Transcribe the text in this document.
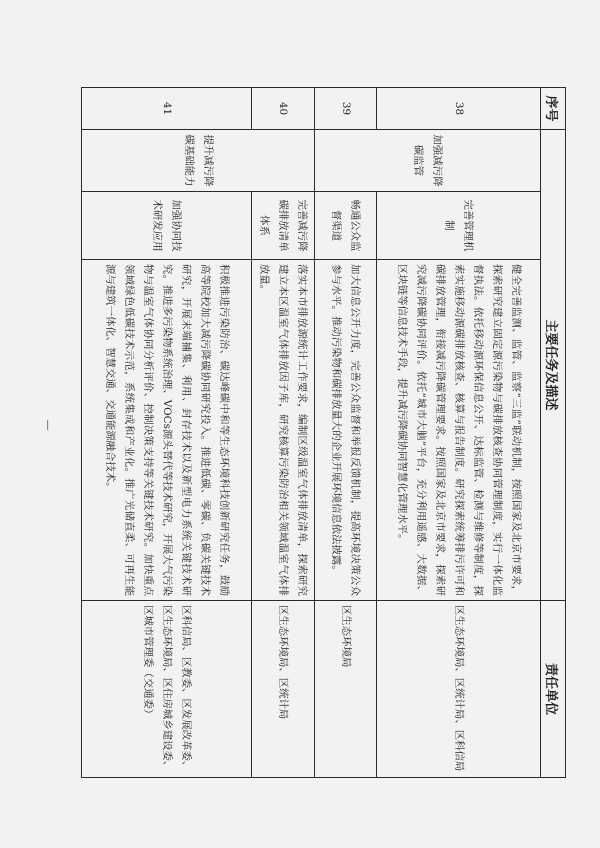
序号	主要任务及描述			责任单位
38	加强减污降碳监管	完善管理机制	健全完善监测、监管、监察“三监”联动机制，按照国家及北京市要求，探索研究建立固定源污染物与碳排放核查协同管理制度，实行一体化监督执法。依托移动源环保信息公开、达标监管、检测与维修等制度，探索实施移动源碳排放核查、核算与报告制度。研究探索统筹排污许可和碳排放管理，衔接减污降碳管理要求。按照国家及北京市要求，探索研究减污降碳协同评价。依托“城市大脑”平台，充分利用遥感、大数据、区块链等信息技术手段，提升减污降碳协同智慧化管理水平。	区生态环境局、区统计局、区科信局
39		畅通公众监督渠道	加大信息公开力度，完善公众监督和举报反馈机制，提高环境决策公众参与水平。推动污染物和碳排放量大的企业开展环境信息依法披露。	区生态环境局
40	提升减污降碳基础能力	完善减污降碳排放清单体系	落实本市排放源统计工作要求，编制区级温室气体排放清单，探索研究建立本区温室气体排放因子库，研究核算污染防治相关领域温室气体排放量。	区生态环境局、区统计局
41		加强协同技术研发应用	积极推进污染防治、碳达峰碳中和等生态环境科技创新研究任务，鼓励高等院校加大减污降碳协同研究投入。推进低碳、零碳、负碳关键技术研究，开展末端捕集、利用、封存技术以及新型电力系统关键技术研究。推进多污染物系统治理、VOCs源头替代等技术研究，开展大气污染物与温室气体协同分析评价、控制决策支持等关键技术研究。加快重点领域绿色低碳技术示范，系统集成和产业化。推广光储直柔、可再生能源与建筑一体化、智慧交通、交通能源融合技术。	区科信局、区教委、区发展改革委、区生态环境局、区住房城乡建设委、区城市管理委（交通委）
－
